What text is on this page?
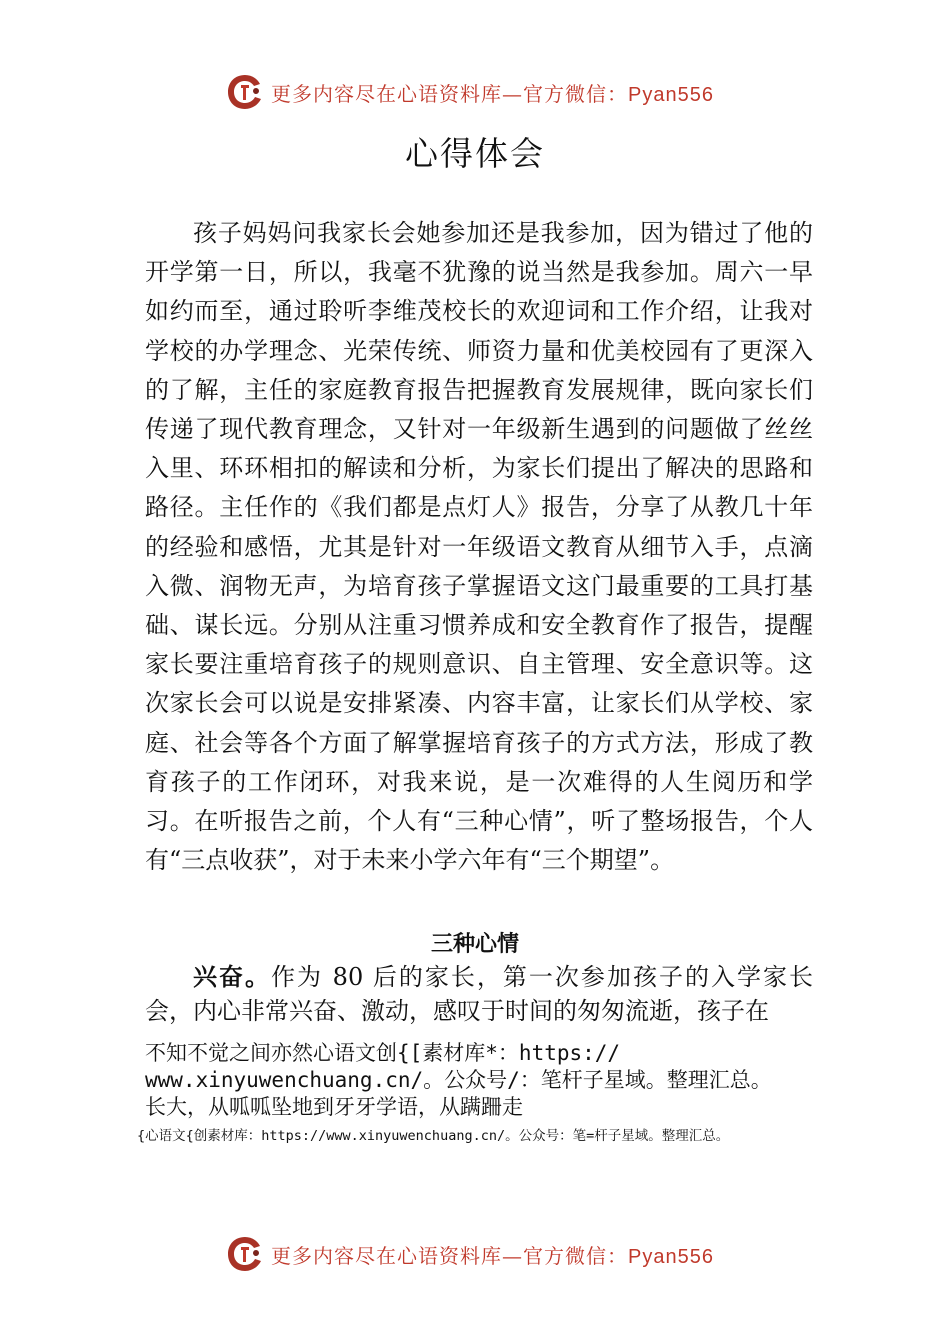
更多内容尽在心语资料库—官方微信：Pyan556
心得体会

孩子妈妈问我家长会她参加还是我参加，因为错过了他的开学第一日，所以，我毫不犹豫的说当然是我参加。周六一早如约而至，通过聆听李维茂校长的欢迎词和工作介绍，让我对学校的办学理念、光荣传统、师资力量和优美校园有了更深入的了解，主任的家庭教育报告把握教育发展规律，既向家长们传递了现代教育理念，又针对一年级新生遇到的问题做了丝丝入里、环环相扣的解读和分析，为家长们提出了解决的思路和路径。主任作的《我们都是点灯人》报告，分享了从教几十年的经验和感悟，尤其是针对一年级语文教育从细节入手，点滴入微、润物无声，为培育孩子掌握语文这门最重要的工具打基础、谋长远。分别从注重习惯养成和安全教育作了报告，提醒家长要注重培育孩子的规则意识、自主管理、安全意识等。这次家长会可以说是安排紧凑、内容丰富，让家长们从学校、家庭、社会等各个方面了解掌握培育孩子的方式方法，形成了教育孩子的工作闭环，对我来说，是一次难得的人生阅历和学习。在听报告之前，个人有“三种心情”，听了整场报告，个人有“三点收获”，对于未来小学六年有“三个期望”。

三种心情

兴奋。作为 80 后的家长，第一次参加孩子的入学家长会，内心非常兴奋、激动，感叹于时间的匆匆流逝，孩子在

不知不觉之间亦然心语文创{[素材库*：https://
www.xinyuwenchuang.cn/。公众号/：笔杆子星域。整理汇总。
长大，从呱呱坠地到牙牙学语，从蹒跚走

{心语文{创素材库：https://www.xinyuwenchuang.cn/。公众号：笔=杆子星域。整理汇总。

更多内容尽在心语资料库—官方微信：Pyan556
